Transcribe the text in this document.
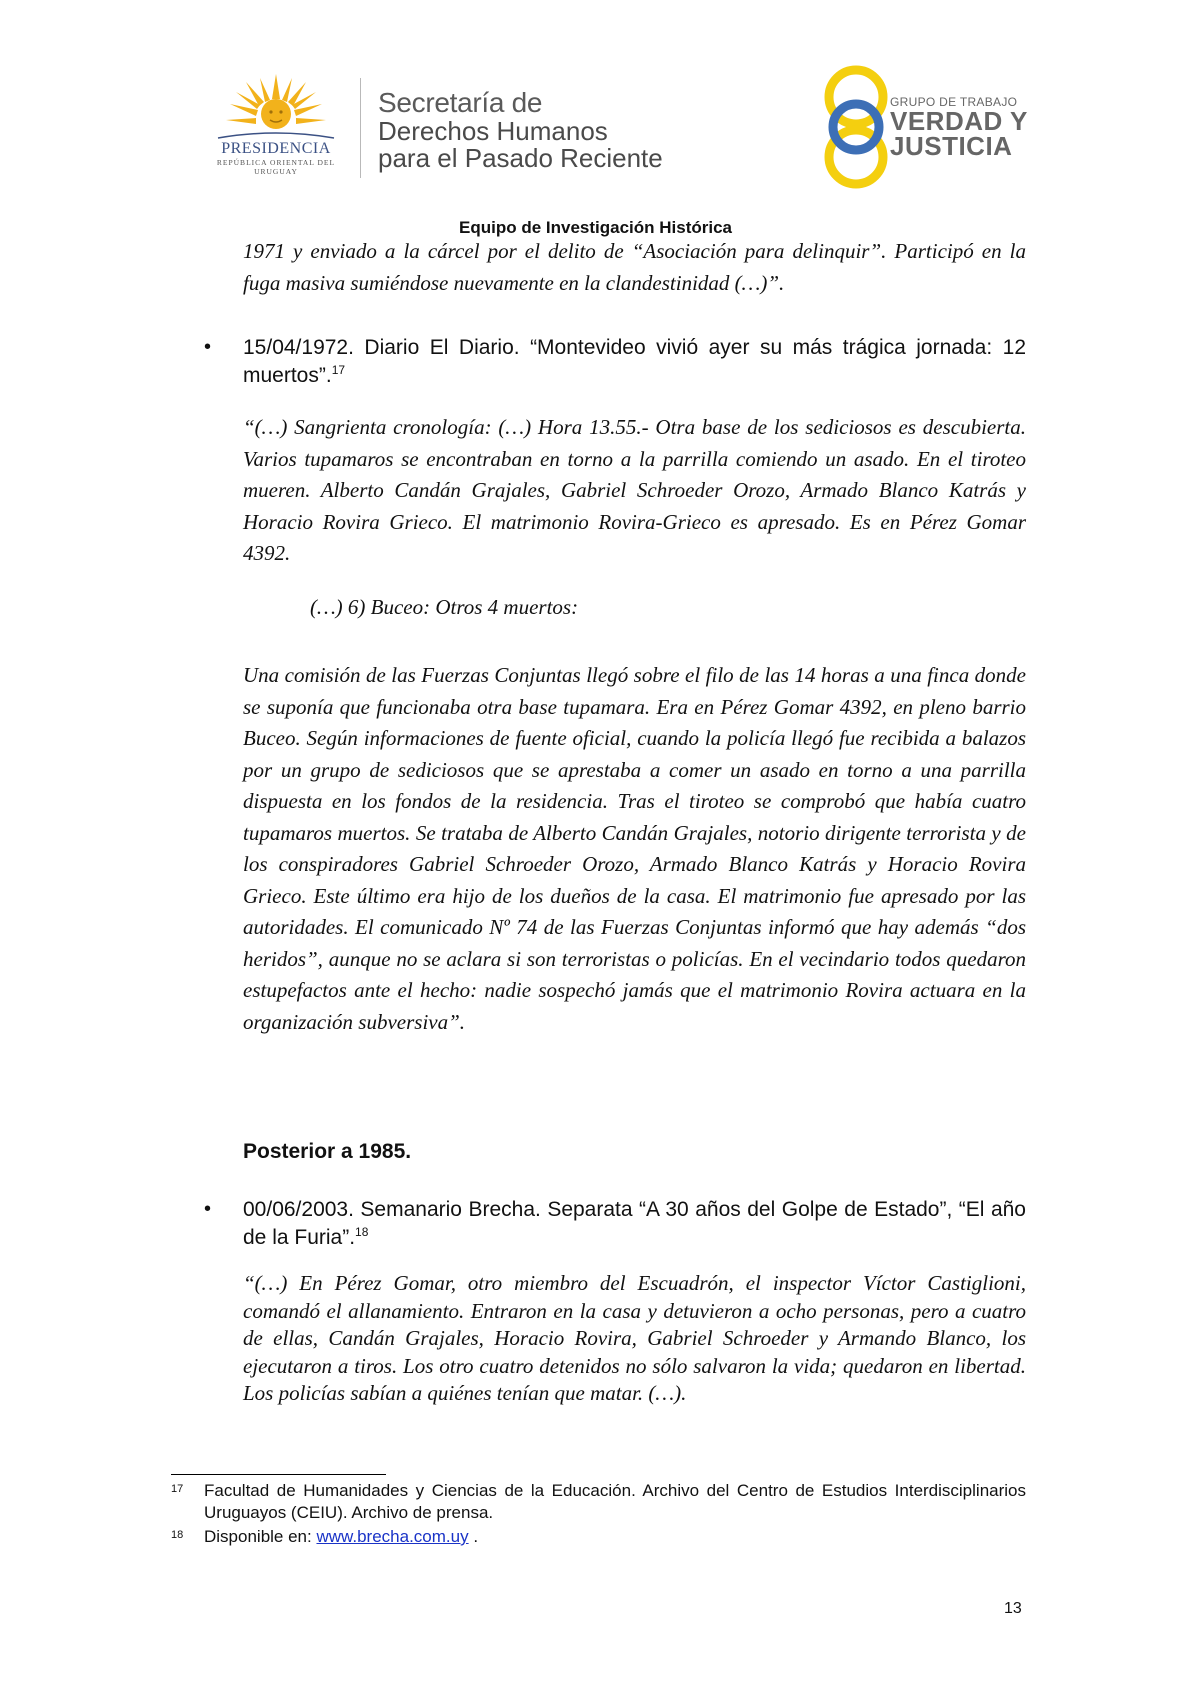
PRESIDENCIA
REPÚBLICA ORIENTAL DEL URUGUAY
Secretaría de
Derechos Humanos
para el Pasado Reciente
GRUPO DE TRABAJO
VERDAD Y
JUSTICIA
Equipo de Investigación Histórica
1971 y enviado a la cárcel por el delito de “Asociación para delinquir”. Participó en la fuga masiva sumiéndose nuevamente en la clandestinidad (…)”.
• 15/04/1972. Diario El Diario. “Montevideo vivió ayer su más trágica jornada: 12 muertos”.$^{17}$
“(…) Sangrienta cronología: (…) Hora 13.55.- Otra base de los sediciosos es descubierta. Varios tupamaros se encontraban en torno a la parrilla comiendo un asado. En el tiroteo mueren. Alberto Candán Grajales, Gabriel Schroeder Orozo, Armado Blanco Katrás y Horacio Rovira Grieco. El matrimonio Rovira-Grieco es apresado. Es en Pérez Gomar 4392.
(…) 6) Buceo: Otros 4 muertos:
Una comisión de las Fuerzas Conjuntas llegó sobre el filo de las 14 horas a una finca donde se suponía que funcionaba otra base tupamara. Era en Pérez Gomar 4392, en pleno barrio Buceo. Según informaciones de fuente oficial, cuando la policía llegó fue recibida a balazos por un grupo de sediciosos que se aprestaba a comer un asado en torno a una parrilla dispuesta en los fondos de la residencia. Tras el tiroteo se comprobó que había cuatro tupamaros muertos. Se trataba de Alberto Candán Grajales, notorio dirigente terrorista y de los conspiradores Gabriel Schroeder Orozo, Armado Blanco Katrás y Horacio Rovira Grieco. Este último era hijo de los dueños de la casa. El matrimonio fue apresado por las autoridades. El comunicado Nº 74 de las Fuerzas Conjuntas informó que hay además “dos heridos”, aunque no se aclara si son terroristas o policías. En el vecindario todos quedaron estupefactos ante el hecho: nadie sospechó jamás que el matrimonio Rovira actuara en la organización subversiva”.
Posterior a 1985.
• 00/06/2003. Semanario Brecha. Separata “A 30 años del Golpe de Estado”, “El año de la Furia”.$^{18}$
“(…) En Pérez Gomar, otro miembro del Escuadrón, el inspector Víctor Castiglioni, comandó el allanamiento. Entraron en la casa y detuvieron a ocho personas, pero a cuatro de ellas, Candán Grajales, Horacio Rovira, Gabriel Schroeder y Armando Blanco, los ejecutaron a tiros. Los otro cuatro detenidos no sólo salvaron la vida; quedaron en libertad. Los policías sabían a quiénes tenían que matar. (…).
17 Facultad de Humanidades y Ciencias de la Educación. Archivo del Centro de Estudios Interdisciplinarios Uruguayos (CEIU). Archivo de prensa.
18 Disponible en: www.brecha.com.uy .
13
